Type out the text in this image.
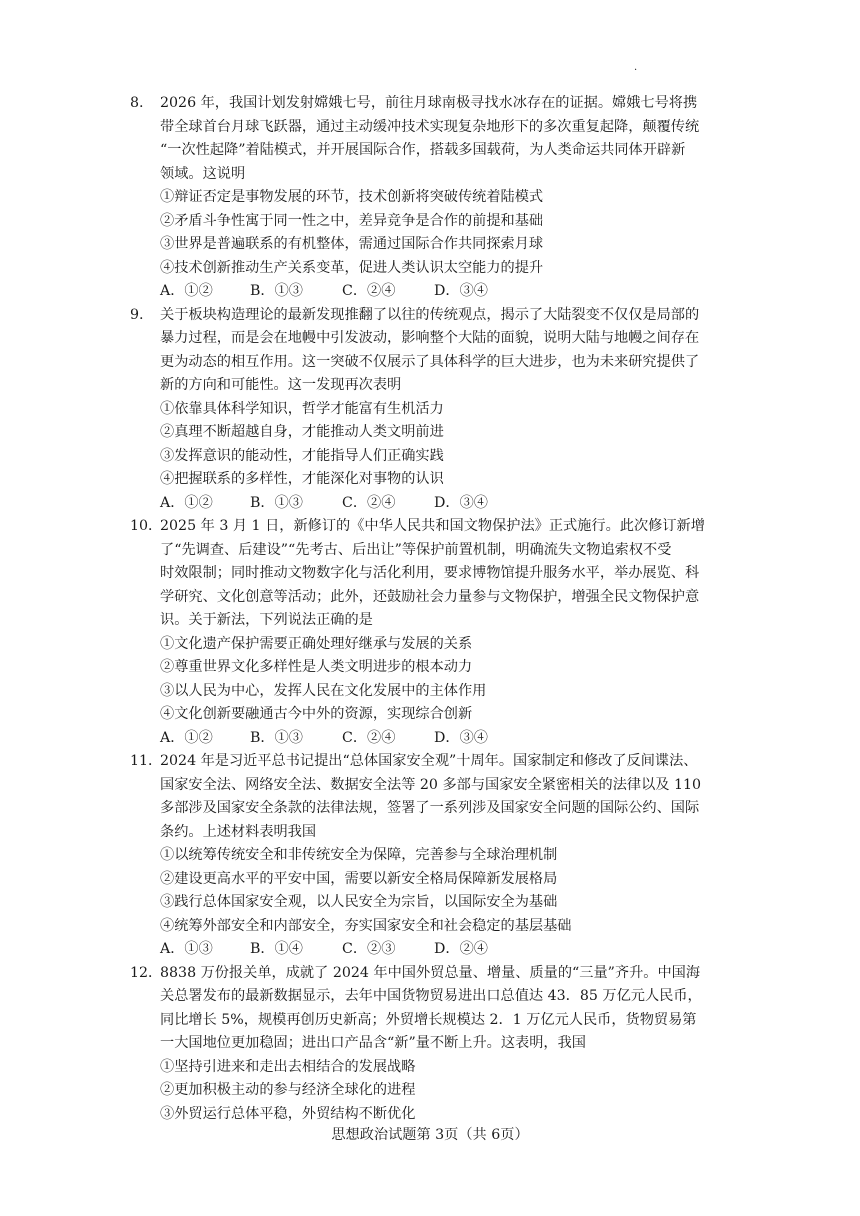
.
8. 2026 年，我国计划发射嫦娥七号，前往月球南极寻找水冰存在的证据。嫦娥七号将携
带全球首台月球飞跃器，通过主动缓冲技术实现复杂地形下的多次重复起降，颠覆传统
“一次性起降”着陆模式，并开展国际合作，搭载多国载荷，为人类命运共同体开辟新
领域。这说明
①辩证否定是事物发展的环节，技术创新将突破传统着陆模式
②矛盾斗争性寓于同一性之中，差异竞争是合作的前提和基础
③世界是普遍联系的有机整体，需通过国际合作共同探索月球
④技术创新推动生产关系变革，促进人类认识太空能力的提升
A．①②	B．①③	C．②④	D．③④
9. 关于板块构造理论的最新发现推翻了以往的传统观点，揭示了大陆裂变不仅仅是局部的
暴力过程，而是会在地幔中引发波动，影响整个大陆的面貌，说明大陆与地幔之间存在
更为动态的相互作用。这一突破不仅展示了具体科学的巨大进步，也为未来研究提供了
新的方向和可能性。这一发现再次表明
①依靠具体科学知识，哲学才能富有生机活力
②真理不断超越自身，才能推动人类文明前进
③发挥意识的能动性，才能指导人们正确实践
④把握联系的多样性，才能深化对事物的认识
A．①②	B．①③	C．②④	D．③④
10．
2025 年 3 月 1 日，新修订的《中华人民共和国文物保护法》正式施行。此次修订新增
了“先调查、后建设”“先考古、后出让”等保护前置机制，明确流失文物追索权不受
时效限制；同时推动文物数字化与活化利用，要求博物馆提升服务水平，举办展览、科
学研究、文化创意等活动；此外，还鼓励社会力量参与文物保护，增强全民文物保护意
识。关于新法，下列说法正确的是
①文化遗产保护需要正确处理好继承与发展的关系
②尊重世界文化多样性是人类文明进步的根本动力
③以人民为中心，发挥人民在文化发展中的主体作用
④文化创新要融通古今中外的资源，实现综合创新
A．①②	B．①③	C．②④	D．③④
11．
2024 年是习近平总书记提出“总体国家安全观”十周年。国家制定和修改了反间谍法、
国家安全法、网络安全法、数据安全法等 20 多部与国家安全紧密相关的法律以及 110
多部涉及国家安全条款的法律法规，签署了一系列涉及国家安全问题的国际公约、国际
条约。上述材料表明我国
①以统筹传统安全和非传统安全为保障，完善参与全球治理机制
②建设更高水平的平安中国，需要以新安全格局保障新发展格局
③践行总体国家安全观，以人民安全为宗旨，以国际安全为基础
④统筹外部安全和内部安全，夯实国家安全和社会稳定的基层基础
A．①③	B．①④	C．②③	D．②④
12．
8838 万份报关单，成就了 2024 年中国外贸总量、增量、质量的“三量”齐升。中国海
关总署发布的最新数据显示，去年中国货物贸易进出口总值达 43．85 万亿元人民币，
同比增长 5%，规模再创历史新高；外贸增长规模达 2．1 万亿元人民币，货物贸易第
一大国地位更加稳固；进出口产品含“新”量不断上升。这表明，我国
①坚持引进来和走出去相结合的发展战略
②更加积极主动的参与经济全球化的进程
③外贸运行总体平稳，外贸结构不断优化
思想政治试题第 3页（共 6页）
